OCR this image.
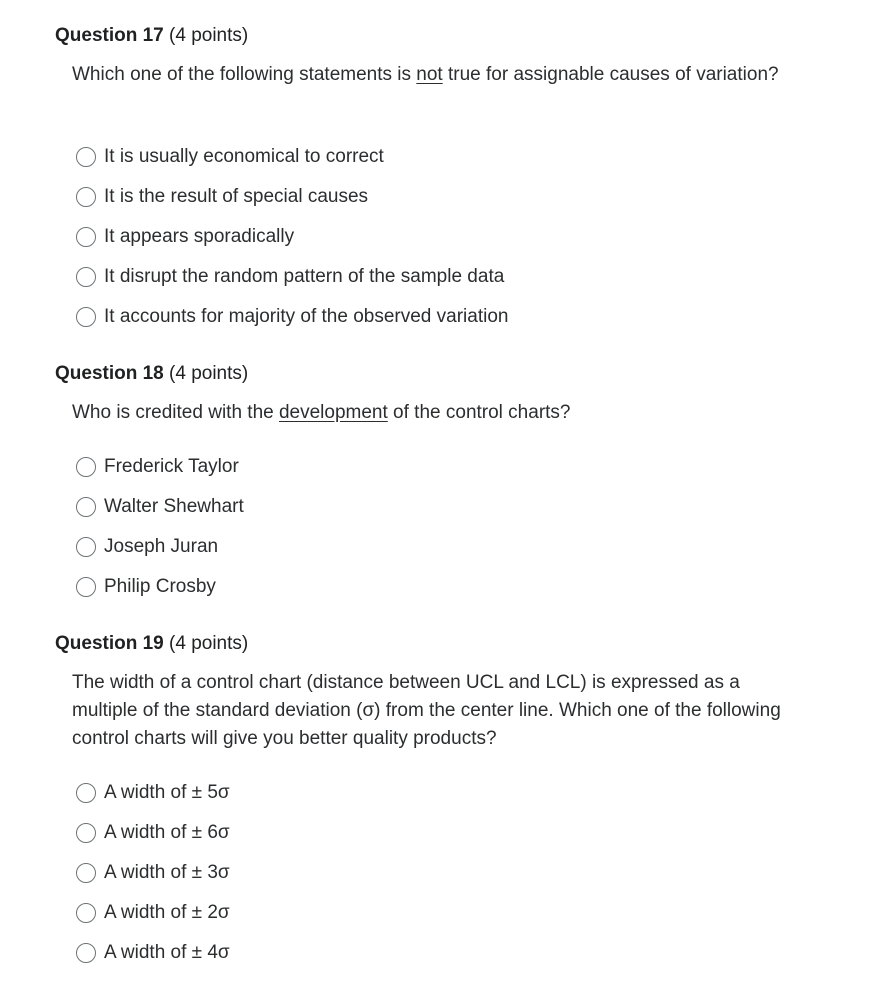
Question 17 (4 points)
Which one of the following statements is not true for assignable causes of variation?
It is usually economical to correct
It is the result of special causes
It appears sporadically
It disrupt the random pattern of the sample data
It accounts for majority of the observed variation
Question 18 (4 points)
Who is credited with the development of the control charts?
Frederick Taylor
Walter Shewhart
Joseph Juran
Philip Crosby
Question 19 (4 points)
The width of a control chart (distance between UCL and LCL) is expressed as a multiple of the standard deviation (σ) from the center line. Which one of the following control charts will give you better quality products?
A width of ± 5σ
A width of ± 6σ
A width of ± 3σ
A width of ± 2σ
A width of ± 4σ
